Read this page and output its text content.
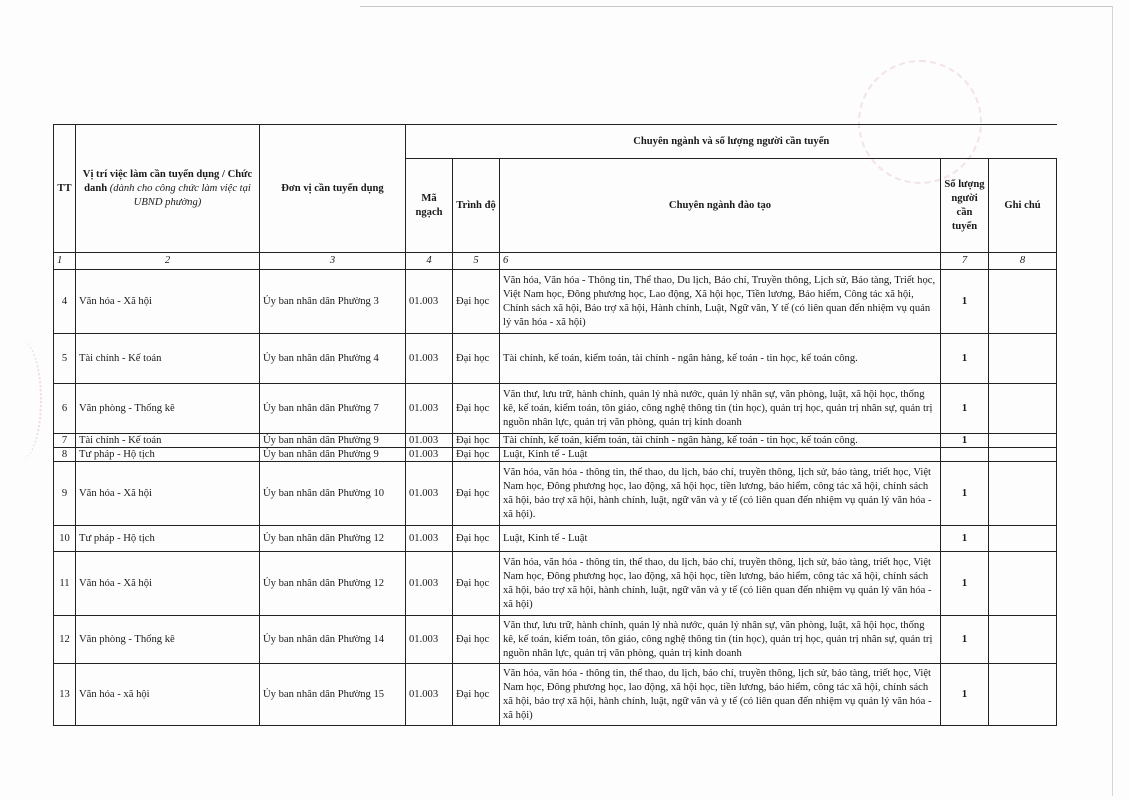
TT	Vị trí việc làm cần tuyển dụng / Chức danh (dành cho công chức làm việc tại UBND phường)	Đơn vị cần tuyển dụng	Chuyên ngành và số lượng người cần tuyển				
			Mã ngạch	Trình độ	Chuyên ngành đào tạo	Số lượng người cần tuyển	Ghi chú
1	2	3	4	5	6	7	8
4	Văn hóa - Xã hội	Ủy ban nhân dân Phường 3	01.003	Đại học	Văn hóa, Văn hóa - Thông tin, Thể thao, Du lịch, Báo chí, Truyền thông, Lịch sử, Bảo tàng, Triết học, Việt Nam học, Đông phương học, Lao động, Xã hội học, Tiền lương, Bảo hiểm, Công tác xã hội, Chính sách xã hội, Bảo trợ xã hội, Hành chính, Luật, Ngữ văn, Y tế (có liên quan đến nhiệm vụ quản lý văn hóa - xã hội)	1	
5	Tài chính - Kế toán	Ủy ban nhân dân Phường 4	01.003	Đại học	Tài chính, kế toán, kiểm toán, tài chính - ngân hàng, kế toán - tin học, kế toán công.	1	
6	Văn phòng - Thống kê	Ủy ban nhân dân Phường 7	01.003	Đại học	Văn thư, lưu trữ, hành chính, quản lý nhà nước, quản lý nhân sự, văn phòng, luật, xã hội học, thống kê, kế toán, kiểm toán, tôn giáo, công nghệ thông tin (tin học), quản trị học, quản trị nhân sự, quản trị nguồn nhân lực, quản trị văn phòng, quản trị kinh doanh	1	
7	Tài chính - Kế toán	Ủy ban nhân dân Phường 9	01.003	Đại học	Tài chính, kế toán, kiểm toán, tài chính - ngân hàng, kế toán - tin học, kế toán công.	1	
8	Tư pháp - Hộ tịch	Ủy ban nhân dân Phường 9	01.003	Đại học	Luật, Kinh tế - Luật		
9	Văn hóa - Xã hội	Ủy ban nhân dân Phường 10	01.003	Đại học	Văn hóa, văn hóa - thông tin, thể thao, du lịch, báo chí, truyền thông, lịch sử, bảo tàng, triết học, Việt Nam học, Đông phương học, lao động, xã hội học, tiền lương, bảo hiểm, công tác xã hội, chính sách xã hội, bảo trợ xã hội, hành chính, luật, ngữ văn và y tế (có liên quan đến nhiệm vụ quản lý văn hóa - xã hội).	1	
10	Tư pháp - Hộ tịch	Ủy ban nhân dân Phường 12	01.003	Đại học	Luật, Kinh tế - Luật	1	
11	Văn hóa - Xã hội	Ủy ban nhân dân Phường 12	01.003	Đại học	Văn hóa, văn hóa - thông tin, thể thao, du lịch, báo chí, truyền thông, lịch sử, bảo tàng, triết học, Việt Nam học, Đông phương học, lao động, xã hội học, tiền lương, bảo hiểm, công tác xã hội, chính sách xã hội, bảo trợ xã hội, hành chính, luật, ngữ văn và y tế (có liên quan đến nhiệm vụ quản lý văn hóa - xã hội)	1	
12	Văn phòng - Thống kê	Ủy ban nhân dân Phường 14	01.003	Đại học	Văn thư, lưu trữ, hành chính, quản lý nhà nước, quản lý nhân sự, văn phòng, luật, xã hội học, thống kê, kế toán, kiểm toán, tôn giáo, công nghệ thông tin (tin học), quản trị học, quản trị nhân sự, quản trị nguồn nhân lực, quản trị văn phòng, quản trị kinh doanh	1	
13	Văn hóa - xã hội	Ủy ban nhân dân Phường 15	01.003	Đại học	Văn hóa, văn hóa - thông tin, thể thao, du lịch, báo chí, truyền thông, lịch sử, bảo tàng, triết học, Việt Nam học, Đông phương học, lao động, xã hội học, tiền lương, bảo hiểm, công tác xã hội, chính sách xã hội, bảo trợ xã hội, hành chính, luật, ngữ văn và y tế (có liên quan đến nhiệm vụ quản lý văn hóa - xã hội)	1	
